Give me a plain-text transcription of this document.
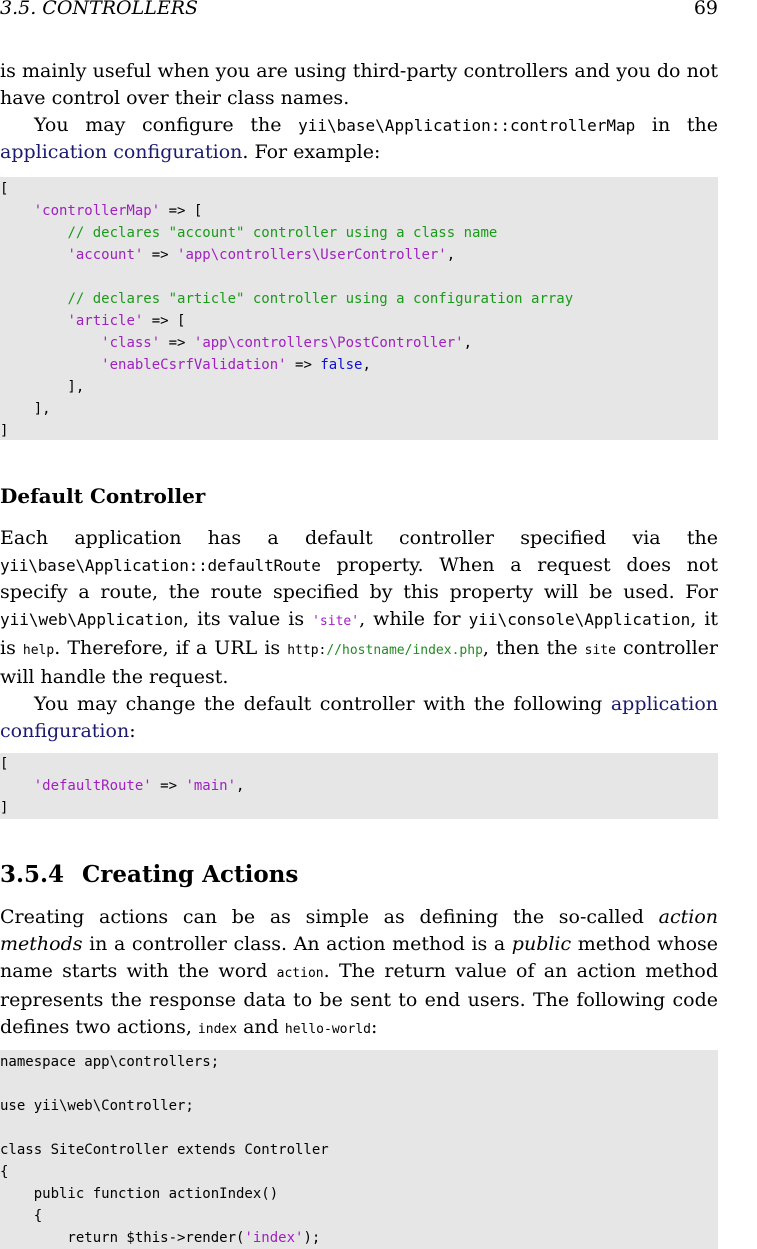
3.5. CONTROLLERS	69

is mainly useful when you are using third-party controllers and you do not have control over their class names.

You may configure the yii\base\Application::controllerMap in the application configuration. For example:

[
'controllerMap' => [
// declares "account" controller using a class name
'account' => 'app\controllers\UserController',
// declares "article" controller using a configuration array
'article' => [
'class' => 'app\controllers\PostController',
'enableCsrfValidation' => false,
],
],
]
Default Controller

Each application has a default controller specified via the yii\base\Application::defaultRoute property. When a request does not specify a route, the route specified by this property will be used. For yii\web\Application, its value is 'site', while for yii\console\Application, it is help. Therefore, if a URL is http://hostname/index.php, then the site controller will handle the request.

You may change the default controller with the following application configuration:

[
'defaultRoute' => 'main',
]
3.5.4 Creating Actions

Creating actions can be as simple as defining the so-called action methods in a controller class. An action method is a public method whose name starts with the word action. The return value of an action method represents the response data to be sent to end users. The following code defines two actions, index and hello-world:

namespace app\controllers;
use yii\web\Controller;
class SiteController extends Controller
{
public function actionIndex()
{
return $this->render('index');
